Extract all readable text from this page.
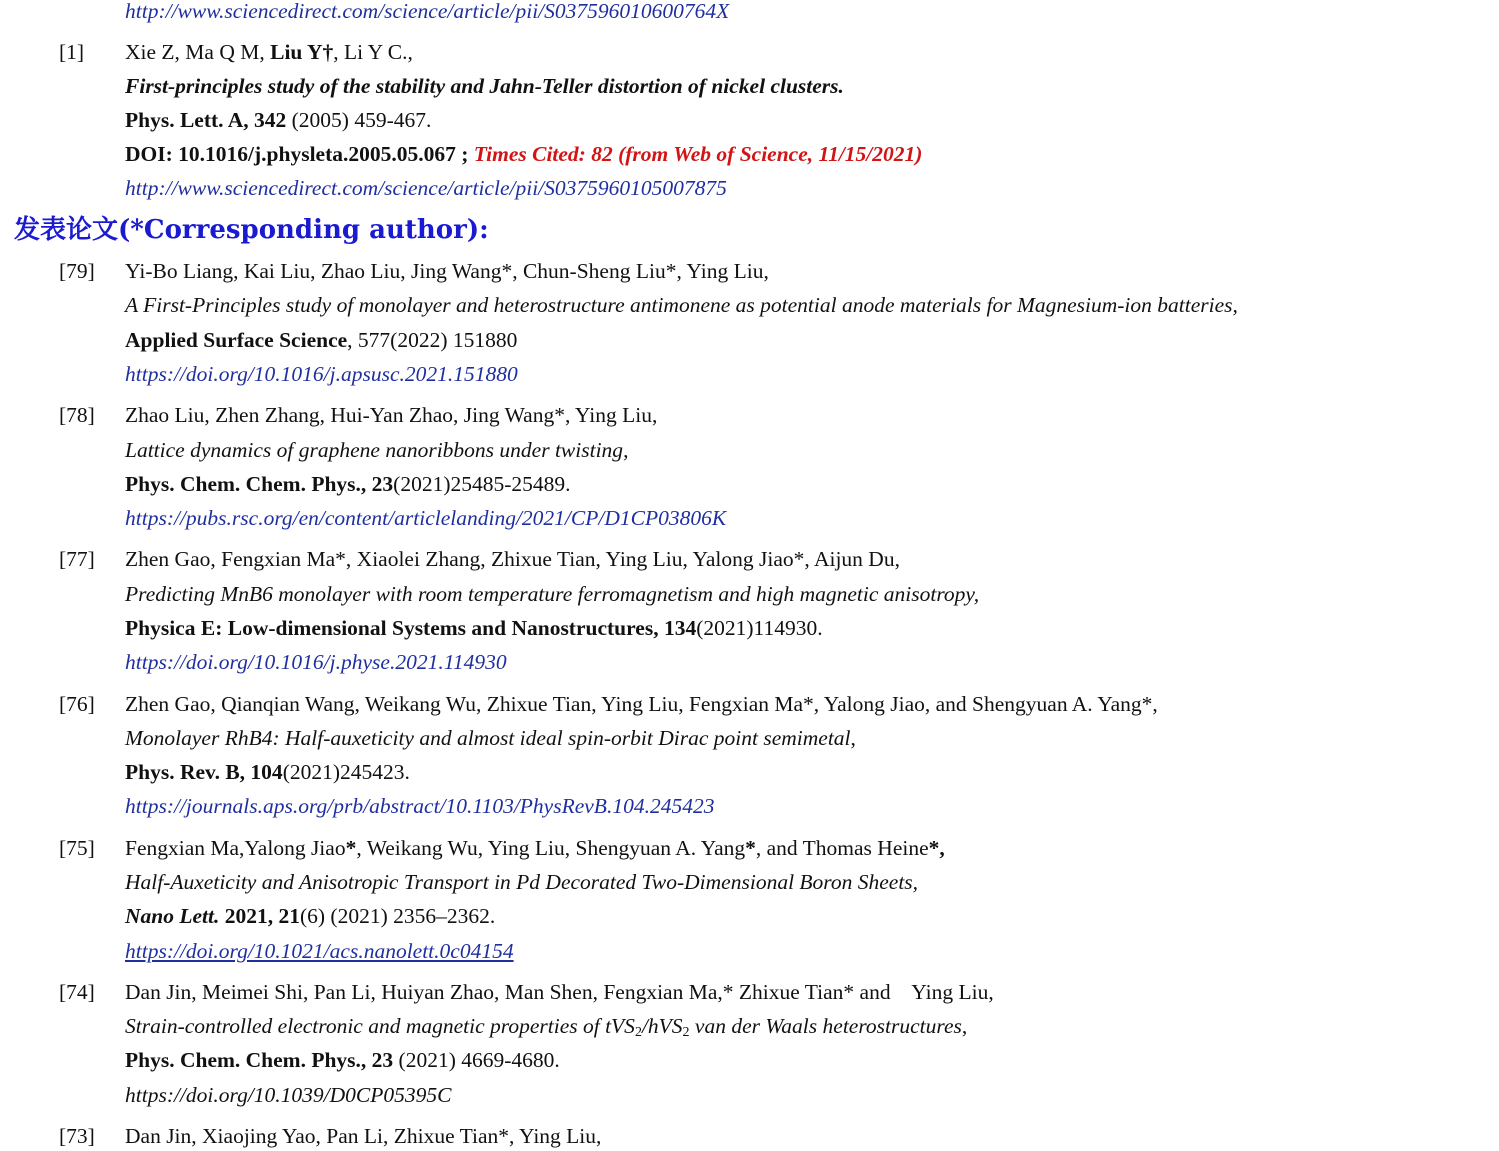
http://www.sciencedirect.com/science/article/pii/S037596010600764X
[1] Xie Z, Ma Q M, Liu Y†, Li Y C.,
First-principles study of the stability and Jahn-Teller distortion of nickel clusters.
Phys. Lett. A, 342 (2005) 459-467.
DOI: 10.1016/j.physleta.2005.05.067 ; Times Cited: 82 (from Web of Science, 11/15/2021)
http://www.sciencedirect.com/science/article/pii/S0375960105007875
发表论文(*Corresponding author):
[79] Yi-Bo Liang, Kai Liu, Zhao Liu, Jing Wang*, Chun-Sheng Liu*, Ying Liu,
A First-Principles study of monolayer and heterostructure antimonene as potential anode materials for Magnesium-ion batteries,
Applied Surface Science, 577(2022) 151880
https://doi.org/10.1016/j.apsusc.2021.151880
[78] Zhao Liu, Zhen Zhang, Hui-Yan Zhao, Jing Wang*, Ying Liu,
Lattice dynamics of graphene nanoribbons under twisting,
Phys. Chem. Chem. Phys., 23(2021)25485-25489.
https://pubs.rsc.org/en/content/articlelanding/2021/CP/D1CP03806K
[77] Zhen Gao, Fengxian Ma*, Xiaolei Zhang, Zhixue Tian, Ying Liu, Yalong Jiao*, Aijun Du,
Predicting MnB6 monolayer with room temperature ferromagnetism and high magnetic anisotropy,
Physica E: Low-dimensional Systems and Nanostructures, 134(2021)114930.
https://doi.org/10.1016/j.physe.2021.114930
[76] Zhen Gao, Qianqian Wang, Weikang Wu, Zhixue Tian, Ying Liu, Fengxian Ma*, Yalong Jiao, and Shengyuan A. Yang*,
Monolayer RhB4: Half-auxeticity and almost ideal spin-orbit Dirac point semimetal,
Phys. Rev. B, 104(2021)245423.
https://journals.aps.org/prb/abstract/10.1103/PhysRevB.104.245423
[75] Fengxian Ma,Yalong Jiao*, Weikang Wu, Ying Liu, Shengyuan A. Yang*, and Thomas Heine*,
Half-Auxeticity and Anisotropic Transport in Pd Decorated Two-Dimensional Boron Sheets,
Nano Lett. 2021, 21(6) (2021) 2356–2362.
https://doi.org/10.1021/acs.nanolett.0c04154
[74] Dan Jin, Meimei Shi, Pan Li, Huiyan Zhao, Man Shen, Fengxian Ma,* Zhixue Tian* and    Ying Liu,
Strain-controlled electronic and magnetic properties of tVS$_2$/hVS$_2$ van der Waals heterostructures,
Phys. Chem. Chem. Phys., 23 (2021) 4669-4680.
https://doi.org/10.1039/D0CP05395C
[73] Dan Jin, Xiaojing Yao, Pan Li, Zhixue Tian*, Ying Liu,
